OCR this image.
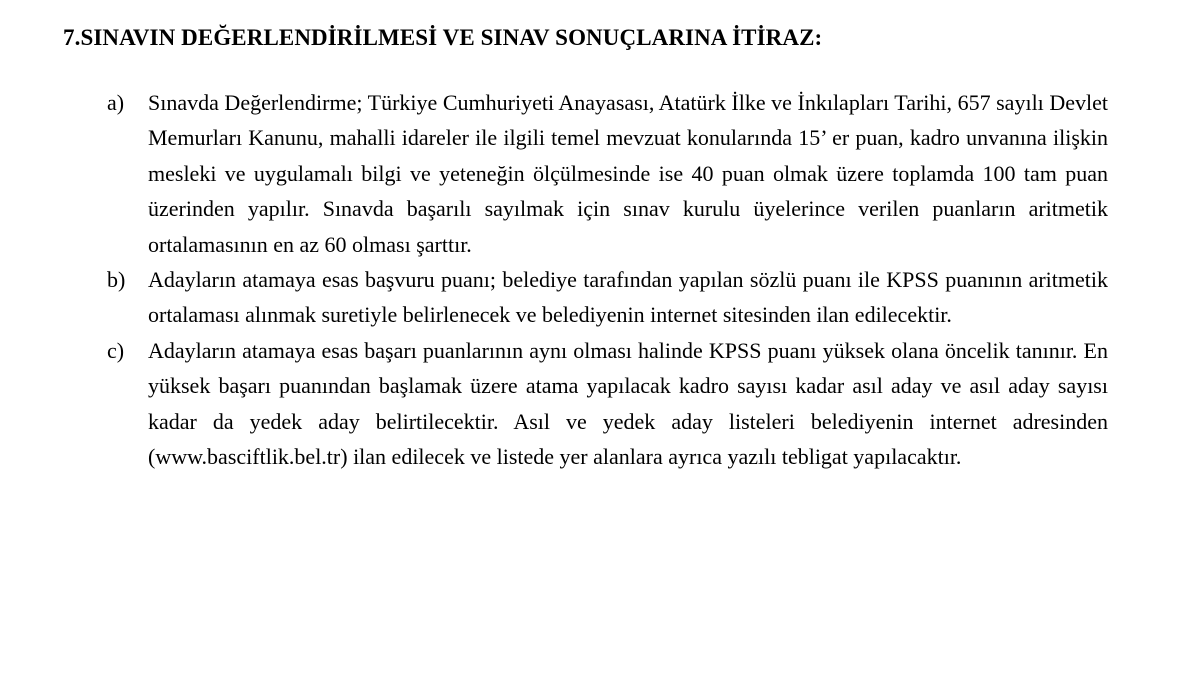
7.SINAVIN DEĞERLENDİRİLMESİ VE SINAV SONUÇLARINA İTİRAZ:
a) Sınavda Değerlendirme; Türkiye Cumhuriyeti Anayasası, Atatürk İlke ve İnkılapları Tarihi, 657 sayılı Devlet Memurları Kanunu, mahalli idareler ile ilgili temel mevzuat konularında 15’ er puan, kadro unvanına ilişkin mesleki ve uygulamalı bilgi ve yeteneğin ölçülmesinde ise 40 puan olmak üzere toplamda 100 tam puan üzerinden yapılır. Sınavda başarılı sayılmak için sınav kurulu üyelerince verilen puanların aritmetik ortalamasının en az 60 olması şarttır.
b) Adayların atamaya esas başvuru puanı; belediye tarafından yapılan sözlü puanı ile KPSS puanının aritmetik ortalaması alınmak suretiyle belirlenecek ve belediyenin internet sitesinden ilan edilecektir.
c) Adayların atamaya esas başarı puanlarının aynı olması halinde KPSS puanı yüksek olana öncelik tanınır. En yüksek başarı puanından başlamak üzere atama yapılacak kadro sayısı kadar asıl aday ve asıl aday sayısı kadar da yedek aday belirtilecektir. Asıl ve yedek aday listeleri belediyenin internet adresinden (www.basciftlik.bel.tr) ilan edilecek ve listede yer alanlara ayrıca yazılı tebligat yapılacaktır.
